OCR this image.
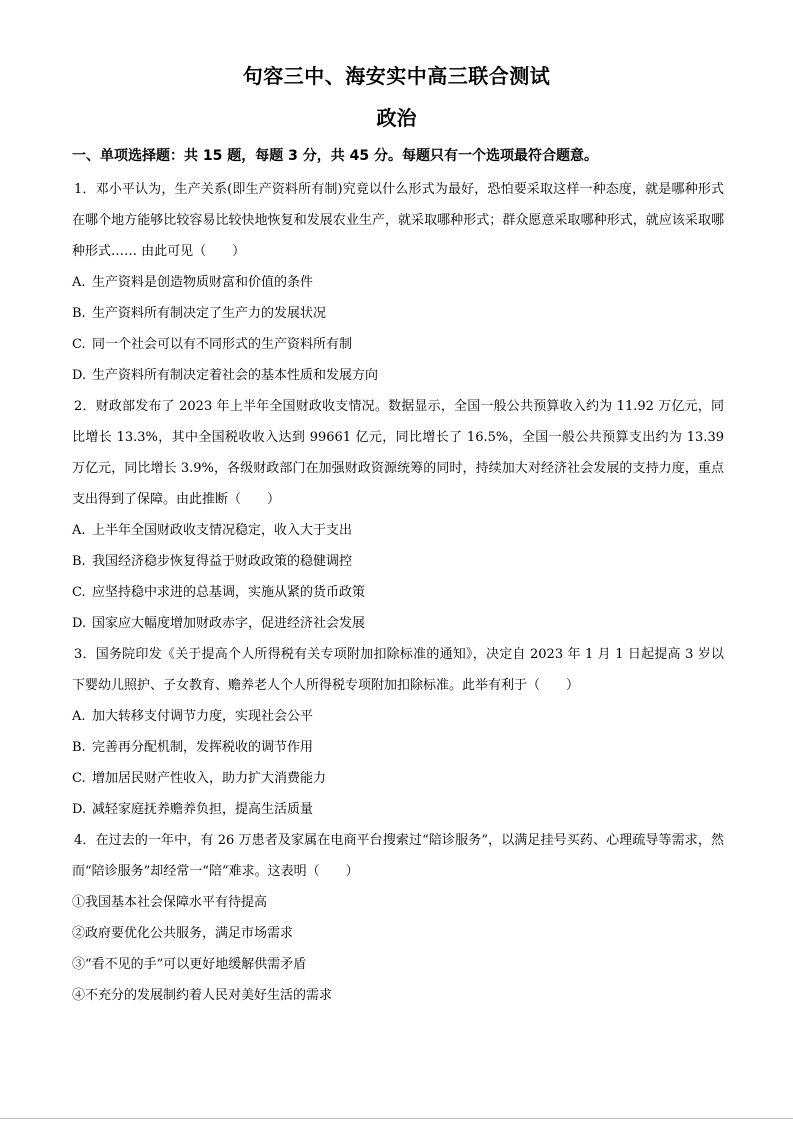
句容三中、海安实中高三联合测试
政治
一、单项选择题：共 15 题，每题 3 分，共 45 分。每题只有一个选项最符合题意。

1．邓小平认为，生产关系(即生产资料所有制)究竟以什么形式为最好，恐怕要采取这样一种态度，就是哪种形式在哪个地方能够比较容易比较快地恢复和发展农业生产，就采取哪种形式；群众愿意采取哪种形式，就应该采取哪种形式…… 由此可见（　　）

A. 生产资料是创造物质财富和价值的条件

B. 生产资料所有制决定了生产力的发展状况

C. 同一个社会可以有不同形式的生产资料所有制

D. 生产资料所有制决定着社会的基本性质和发展方向

2．财政部发布了 2023 年上半年全国财政收支情况。数据显示，全国一般公共预算收入约为 11.92 万亿元，同比增长 13.3%，其中全国税收收入达到 99661 亿元，同比增长了 16.5%，全国一般公共预算支出约为 13.39 万亿元，同比增长 3.9%，各级财政部门在加强财政资源统筹的同时，持续加大对经济社会发展的支持力度，重点支出得到了保障。由此推断（　　）

A. 上半年全国财政收支情况稳定，收入大于支出

B. 我国经济稳步恢复得益于财政政策的稳健调控

C. 应坚持稳中求进的总基调，实施从紧的货币政策

D. 国家应大幅度增加财政赤字，促进经济社会发展

3．国务院印发《关于提高个人所得税有关专项附加扣除标准的通知》，决定自 2023 年 1 月 1 日起提高 3 岁以下婴幼儿照护、子女教育、赡养老人个人所得税专项附加扣除标准。此举有利于（　　）

A. 加大转移支付调节力度，实现社会公平

B. 完善再分配机制，发挥税收的调节作用

C. 增加居民财产性收入，助力扩大消费能力

D. 减轻家庭抚养赡养负担，提高生活质量

4．在过去的一年中，有 26 万患者及家属在电商平台搜索过“陪诊服务”，以满足挂号买药、心理疏导等需求，然而“陪诊服务”却经常一“陪”难求。这表明（　　）

①我国基本社会保障水平有待提高

②政府要优化公共服务，满足市场需求

③“看不见的手”可以更好地缓解供需矛盾

④不充分的发展制约着人民对美好生活的需求
